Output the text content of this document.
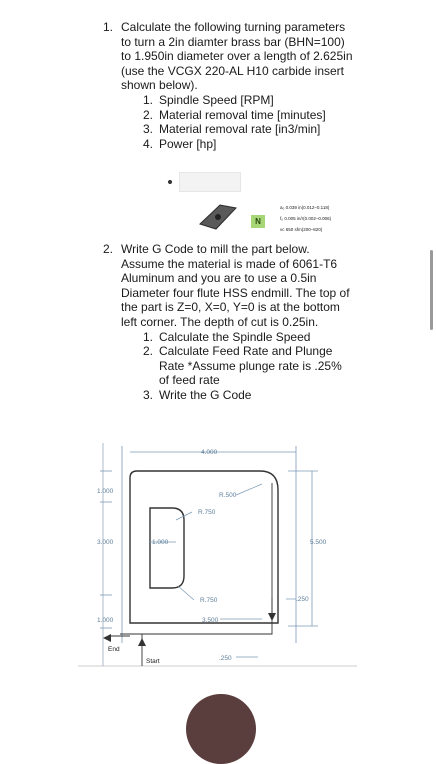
1. Calculate the following turning parameters to turn a 2in diamter brass bar (BHN=100) to 1.950in diameter over a length of 2.625in (use the VCGX 220-AL H10 carbide insert shown below).
1. Spindle Speed [RPM]
2. Material removal time [minutes]
3. Material removal rate [in3/min]
4. Power [hp]
N
a₀ 0.039 in(0.012–0.118)
f₀ 0.005 in/r(0.002–0.006)
vc 650 sfm(200–820)
2. Write G Code to mill the part below. Assume the material is made of 6061-T6 Aluminum and you are to use a 0.5in Diameter four flute HSS endmill. The top of the part is Z=0, X=0, Y=0 is at the bottom left corner. The depth of cut is 0.25in.
1. Calculate the Spindle Speed
2. Calculate Feed Rate and Plunge Rate *Assume plunge rate is .25% of feed rate
3. Write the G Code
4.000
R.500
R.750
1.000
3.000	1.000	5.500
R.750	.250
3.500
1.000
.250
End
Start
